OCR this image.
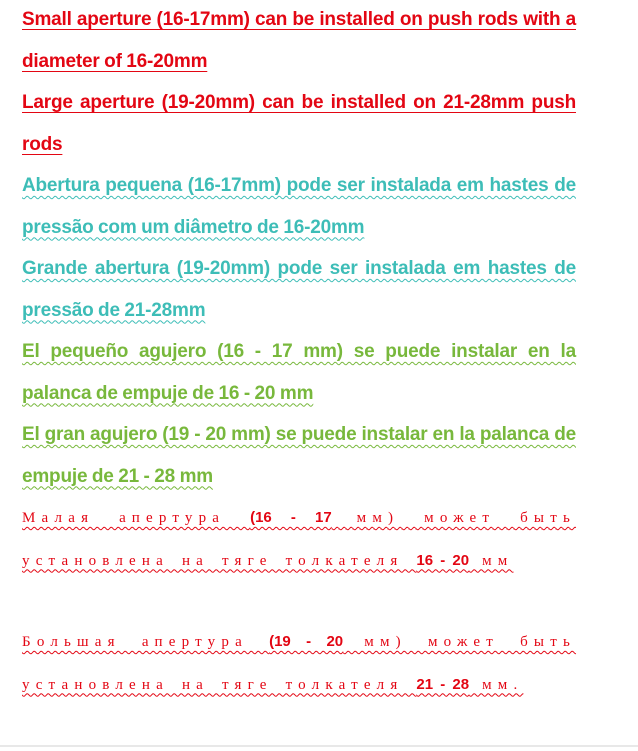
Small aperture (16-17mm) can be installed on push rods with a diameter of 16-20mm

Large aperture (19-20mm) can be installed on 21-28mm push rods

Abertura pequena (16-17mm) pode ser instalada em hastes de pressão com um diâmetro de 16-20mm

Grande abertura (19-20mm) pode ser instalada em hastes de pressão de 21-28mm

El pequeño agujero (16 - 17 mm) se puede instalar en la palanca de empuje de 16 - 20 mm

El gran agujero (19 - 20 mm) se puede instalar en la palanca de empuje de 21 - 28 mm

Малая апертура (16 - 17 мм) может быть установлена на тяге толкателя 16 - 20 мм

Большая апертура (19 - 20 мм) может быть установлена на тяге толкателя 21 - 28 мм.
